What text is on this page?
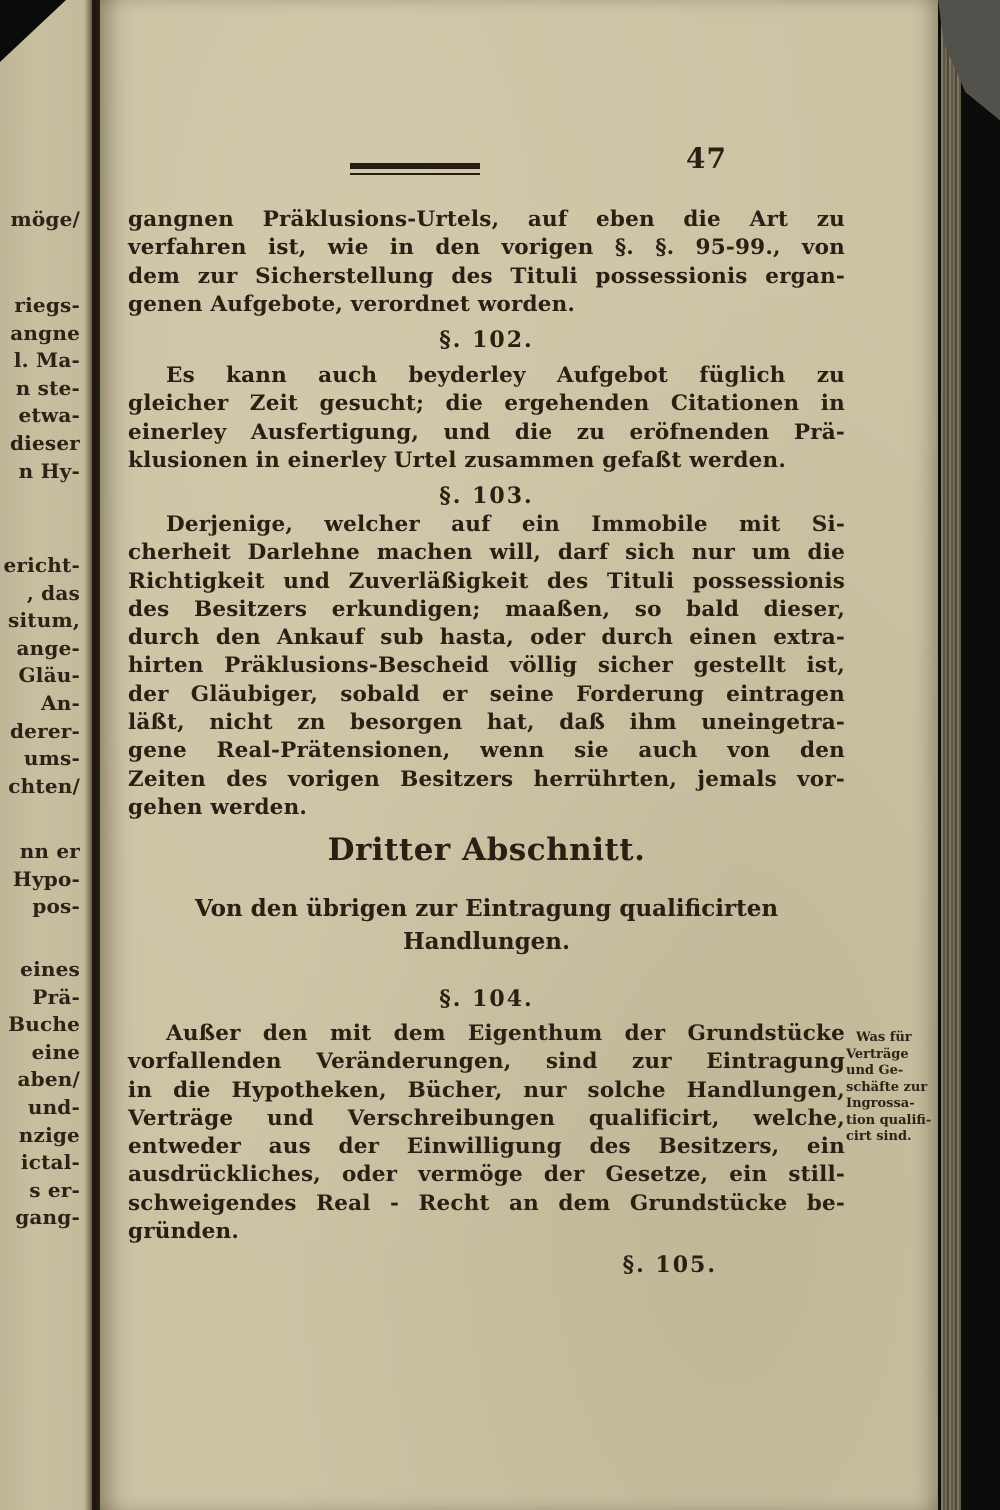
möge/
riegs-
angne
l. Ma-
n ste-
etwa-
dieser
n Hy-
ericht-
, das
situm,
ange-
Gläu-
An-
derer-
ums-
chten/
nn er
Hypo-
pos-
eines
Prä-
Buche
eine
aben/
und-
nzige
ictal-
s er-
gang-
47
gangnen Präklusions-Urtels, auf eben die Art zu
verfahren ist, wie in den vorigen §. §. 95-99., von
dem zur Sicherstellung des Tituli possessionis ergan-
genen Aufgebote, verordnet worden.
§. 102.
Es kann auch beyderley Aufgebot füglich zu
gleicher Zeit gesucht; die ergehenden Citationen in
einerley Ausfertigung, und die zu eröfnenden Prä-
klusionen in einerley Urtel zusammen gefaßt werden.
§. 103.
Derjenige, welcher auf ein Immobile mit Si-
cherheit Darlehne machen will, darf sich nur um die
Richtigkeit und Zuverläßigkeit des Tituli possessionis
des Besitzers erkundigen; maaßen, so bald dieser,
durch den Ankauf sub hasta, oder durch einen extra-
hirten Präklusions-Bescheid völlig sicher gestellt ist,
der Gläubiger, sobald er seine Forderung eintragen
läßt, nicht zn besorgen hat, daß ihm uneingetra-
gene Real-Prätensionen, wenn sie auch von den
Zeiten des vorigen Besitzers herrührten, jemals vor-
gehen werden.
Dritter Abschnitt.
Von den übrigen zur Eintragung qualificirten
Handlungen.
§. 104.
Außer den mit dem Eigenthum der Grundstücke
vorfallenden Veränderungen, sind zur Eintragung
in die Hypotheken, Bücher, nur solche Handlungen,
Verträge und Verschreibungen qualificirt, welche,
entweder aus der Einwilligung des Besitzers, ein
ausdrückliches, oder vermöge der Gesetze, ein still-
schweigendes Real - Recht an dem Grundstücke be-
gründen.
Was für
Verträge
und Ge-
schäfte zur
Ingrossa-
tion qualifi-
cirt sind.
§. 105.
